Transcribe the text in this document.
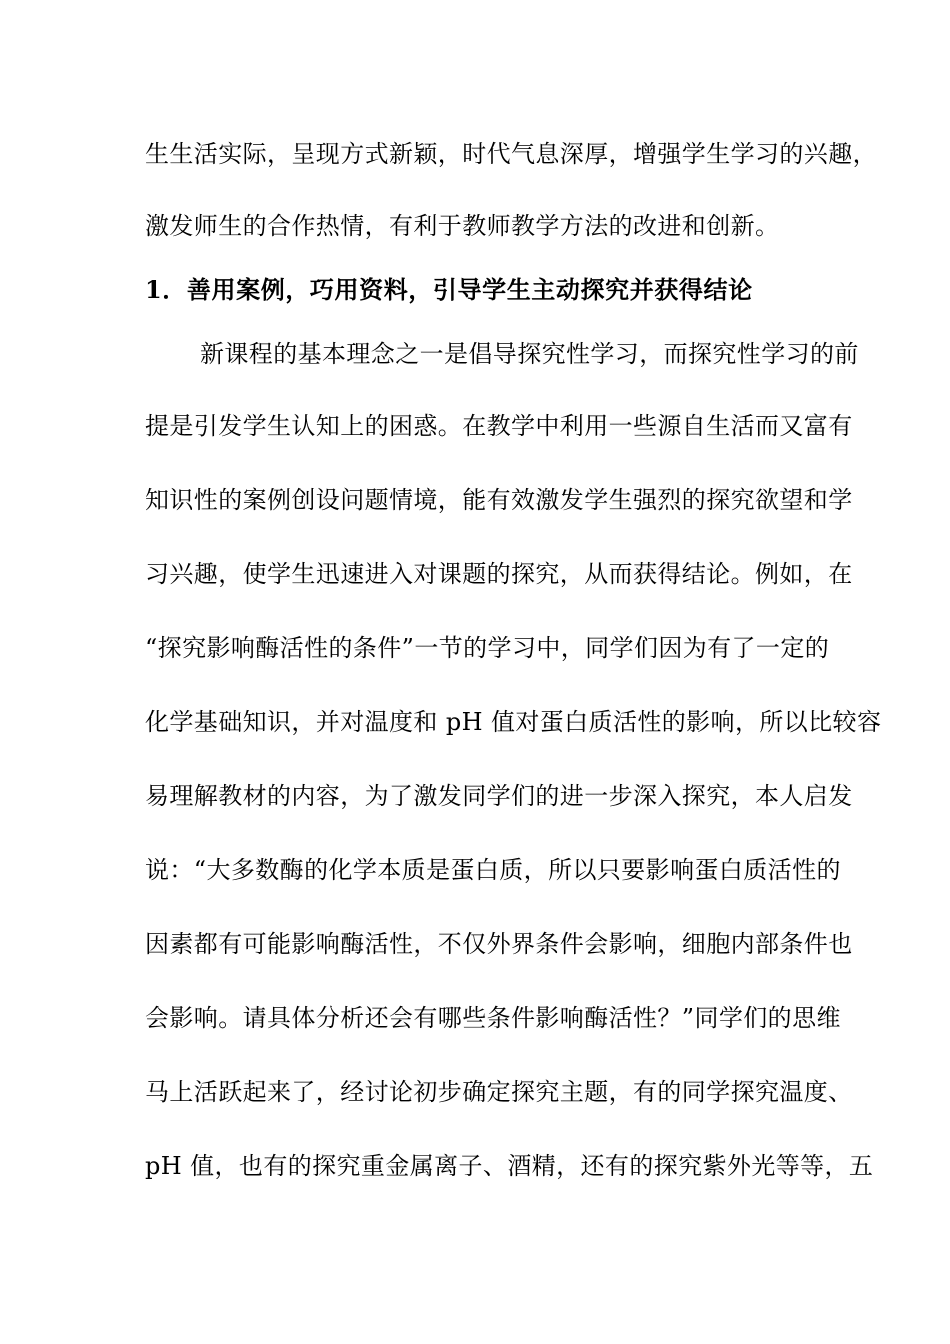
生生活实际，呈现方式新颖，时代气息深厚，增强学生学习的兴趣，
激发师生的合作热情，有利于教师教学方法的改进和创新。
1．善用案例，巧用资料，引导学生主动探究并获得结论
新课程的基本理念之一是倡导探究性学习，而探究性学习的前
提是引发学生认知上的困惑。在教学中利用一些源自生活而又富有
知识性的案例创设问题情境，能有效激发学生强烈的探究欲望和学
习兴趣，使学生迅速进入对课题的探究，从而获得结论。例如，在
“探究影响酶活性的条件”一节的学习中，同学们因为有了一定的
化学基础知识，并对温度和 pH 值对蛋白质活性的影响，所以比较容
易理解教材的内容，为了激发同学们的进一步深入探究，本人启发
说：“大多数酶的化学本质是蛋白质，所以只要影响蛋白质活性的
因素都有可能影响酶活性，不仅外界条件会影响，细胞内部条件也
会影响。请具体分析还会有哪些条件影响酶活性？”同学们的思维
马上活跃起来了，经讨论初步确定探究主题，有的同学探究温度、
pH 值，也有的探究重金属离子、酒精，还有的探究紫外光等等，五
